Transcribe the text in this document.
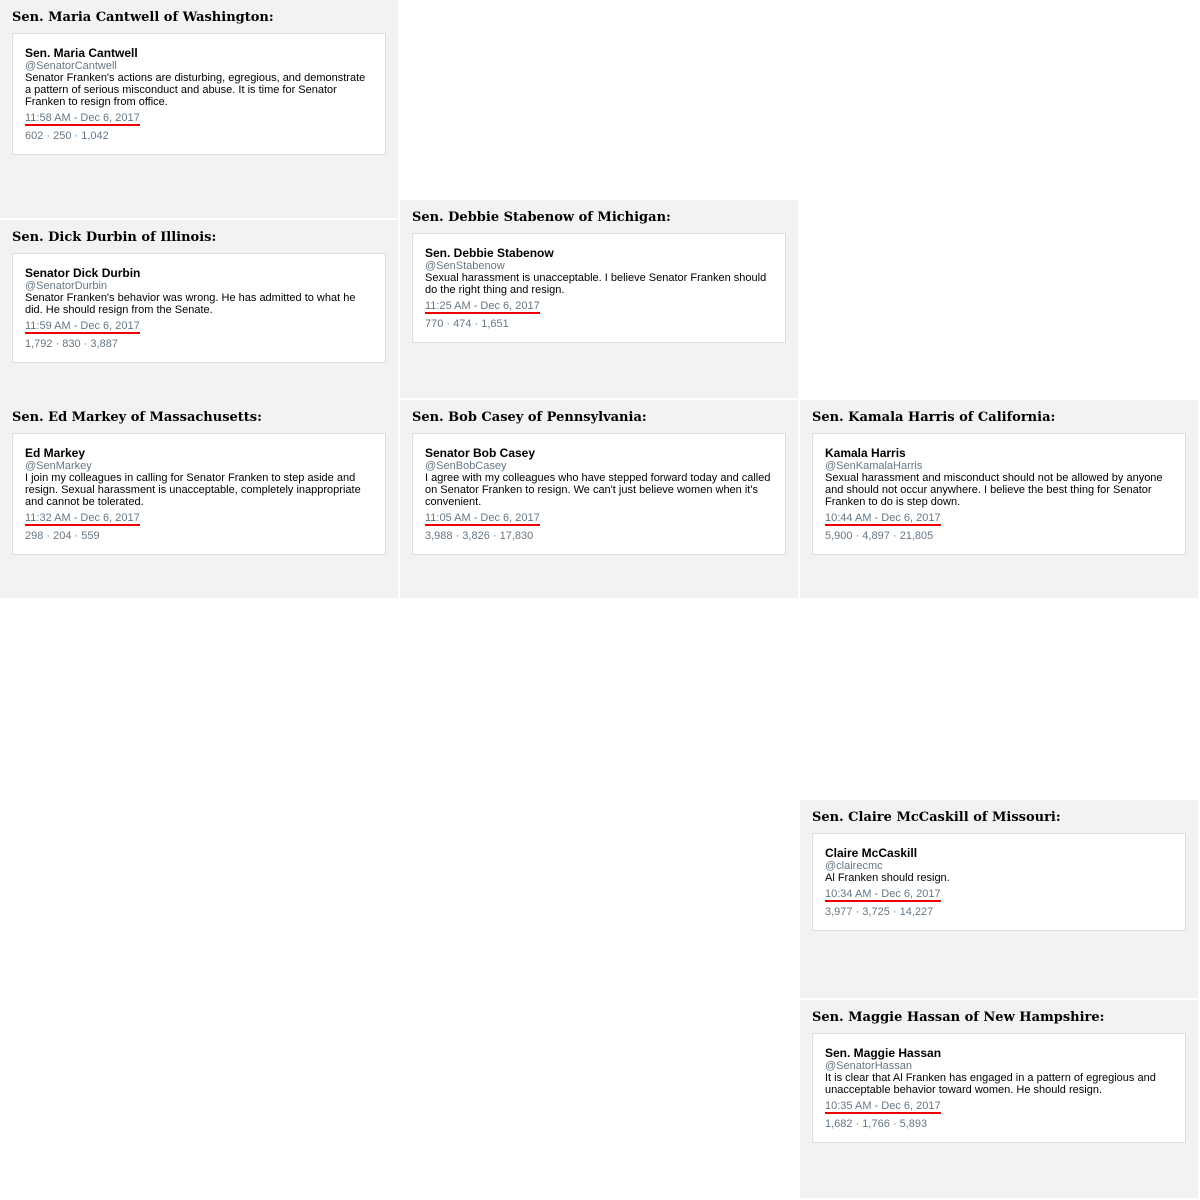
Sen. Maria Cantwell of Washington:
Sen. Maria Cantwell
@SenatorCantwell
Senator Franken's actions are disturbing, egregious, and demonstrate a pattern of serious misconduct and abuse. It is time for Senator Franken to resign from office.
11:58 AM - Dec 6, 2017
602 · 250 · 1,042
Sen. Dick Durbin of Illinois:
Senator Dick Durbin
@SenatorDurbin
Senator Franken's behavior was wrong. He has admitted to what he did. He should resign from the Senate.
11:59 AM - Dec 6, 2017
1,792 · 830 · 3,887
Sen. Ed Markey of Massachusetts:
Ed Markey
@SenMarkey
I join my colleagues in calling for Senator Franken to step aside and resign. Sexual harassment is unacceptable, completely inappropriate and cannot be tolerated.
11:32 AM - Dec 6, 2017
298 · 204 · 559
Sen. Debbie Stabenow of Michigan:
Sen. Debbie Stabenow
@SenStabenow
Sexual harassment is unacceptable. I believe Senator Franken should do the right thing and resign.
11:25 AM - Dec 6, 2017
770 · 474 · 1,651
Sen. Bob Casey of Pennsylvania:
Senator Bob Casey
@SenBobCasey
I agree with my colleagues who have stepped forward today and called on Senator Franken to resign. We can't just believe women when it's convenient.
11:05 AM - Dec 6, 2017
3,988 · 3,826 · 17,830
Sen. Kamala Harris of California:
Kamala Harris
@SenKamalaHarris
Sexual harassment and misconduct should not be allowed by anyone and should not occur anywhere. I believe the best thing for Senator Franken to do is step down.
10:44 AM - Dec 6, 2017
5,900 · 4,897 · 21,805
Sen. Claire McCaskill of Missouri:
Claire McCaskill
@clairecmc
Al Franken should resign.
10:34 AM - Dec 6, 2017
3,977 · 3,725 · 14,227
Sen. Maggie Hassan of New Hampshire:
Sen. Maggie Hassan
@SenatorHassan
It is clear that Al Franken has engaged in a pattern of egregious and unacceptable behavior toward women. He should resign.
10:35 AM - Dec 6, 2017
1,682 · 1,766 · 5,893
